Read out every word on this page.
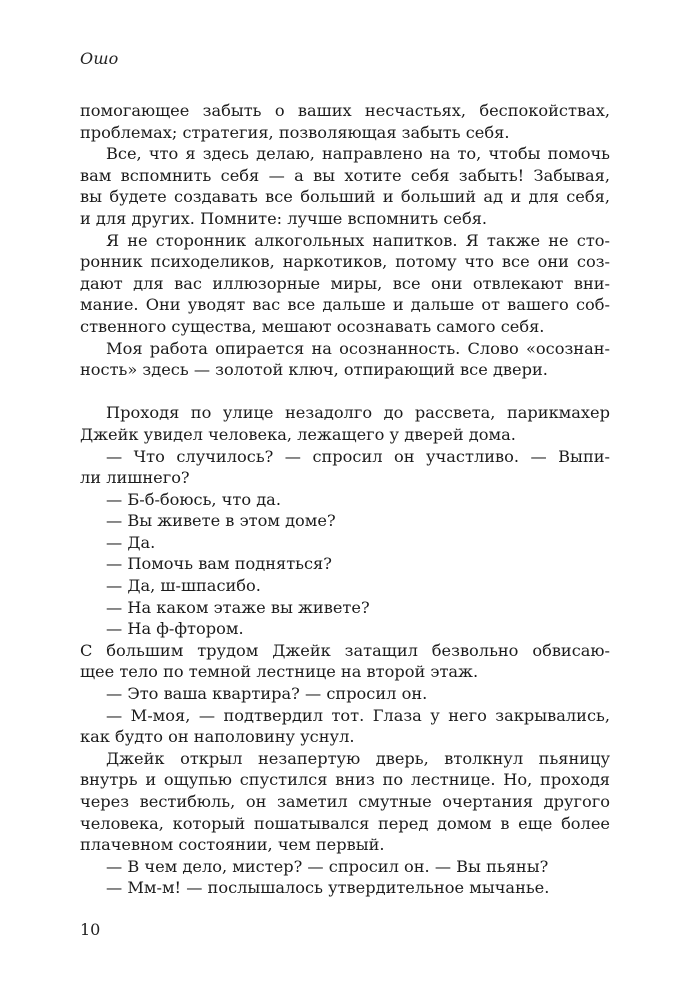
Ошо
помогающее забыть о ваших несчастьях, беспокойствах,
проблемах; стратегия, позволяющая забыть себя.
Все, что я здесь делаю, направлено на то, чтобы помочь
вам вспомнить себя — а вы хотите себя забыть! Забывая,
вы будете создавать все больший и больший ад и для себя,
и для других. Помните: лучше вспомнить себя.
Я не сторонник алкогольных напитков. Я также не сто-
ронник психоделиков, наркотиков, потому что все они соз-
дают для вас иллюзорные миры, все они отвлекают вни-
мание. Они уводят вас все дальше и дальше от вашего соб-
ственного существа, мешают осознавать самого себя.
Моя работа опирается на осознанность. Слово «осознан-
ность» здесь — золотой ключ, отпирающий все двери.
Проходя по улице незадолго до рассвета, парикмахер
Джейк увидел человека, лежащего у дверей дома.
— Что случилось? — спросил он участливо. — Выпи-
ли лишнего?
— Б-б-боюсь, что да.
— Вы живете в этом доме?
— Да.
— Помочь вам подняться?
— Да, ш-шпасибо.
— На каком этаже вы живете?
— На ф-фтором.
С большим трудом Джейк затащил безвольно обвисаю-
щее тело по темной лестнице на второй этаж.
— Это ваша квартира? — спросил он.
— М-моя, — подтвердил тот. Глаза у него закрывались,
как будто он наполовину уснул.
Джейк открыл незапертую дверь, втолкнул пьяницу
внутрь и ощупью спустился вниз по лестнице. Но, проходя
через вестибюль, он заметил смутные очертания другого
человека, который пошатывался перед домом в еще более
плачевном состоянии, чем первый.
— В чем дело, мистер? — спросил он. — Вы пьяны?
— Мм-м! — послышалось утвердительное мычанье.
10
